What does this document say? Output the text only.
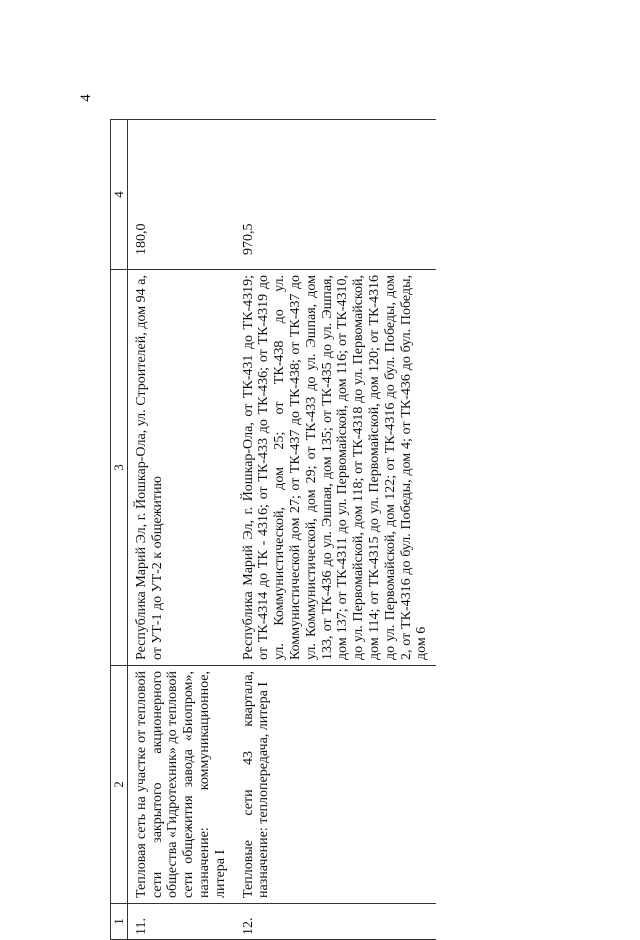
4
1	2	3	4
11.	Тепловая сеть на участке от тепловой сети закрытого акционерного общества «Гидротехник» до тепловой сети общежития завода «Биопром», назначение: коммуникационное, литера I	Республика Марий Эл, г. Йошкар-Ола, ул. Строителей, дом 94 а, от УТ-1 до УТ-2 к общежитию	180,0
12.	Тепловые сети 43 квартала, назначение: теплопередача, литера I	Республика Марий Эл, г. Йошкар-Ола, от ТК-431 до ТК-4319; от ТК-4314 до ТК - 4316; от ТК-433 до ТК-436; от ТК-4319 до ул. Коммунистической, дом 25; от ТК-438 до ул. Коммунистической дом 27; от ТК-437 до ТК-438; от ТК-437 до ул. Коммунистической, дом 29; от ТК-433 до ул. Эшпая, дом 133, от ТК-436 до ул. Эшпая, дом 135; от ТК-435 до ул. Эшпая, дом 137; от ТК-4311 до ул. Первомайской, дом 116; от ТК-4310, до ул. Первомайской, дом 118; от ТК-4318 до ул. Первомайской, дом 114; от ТК-4315 до ул. Первомайской, дом 120; от ТК-4316 до ул. Первомайской, дом 122; от ТК-4316 до бул. Победы, дом 2, от ТК-4316 до бул. Победы, дом 4; от ТК-436 до бул. Победы, дом 6	970,5
